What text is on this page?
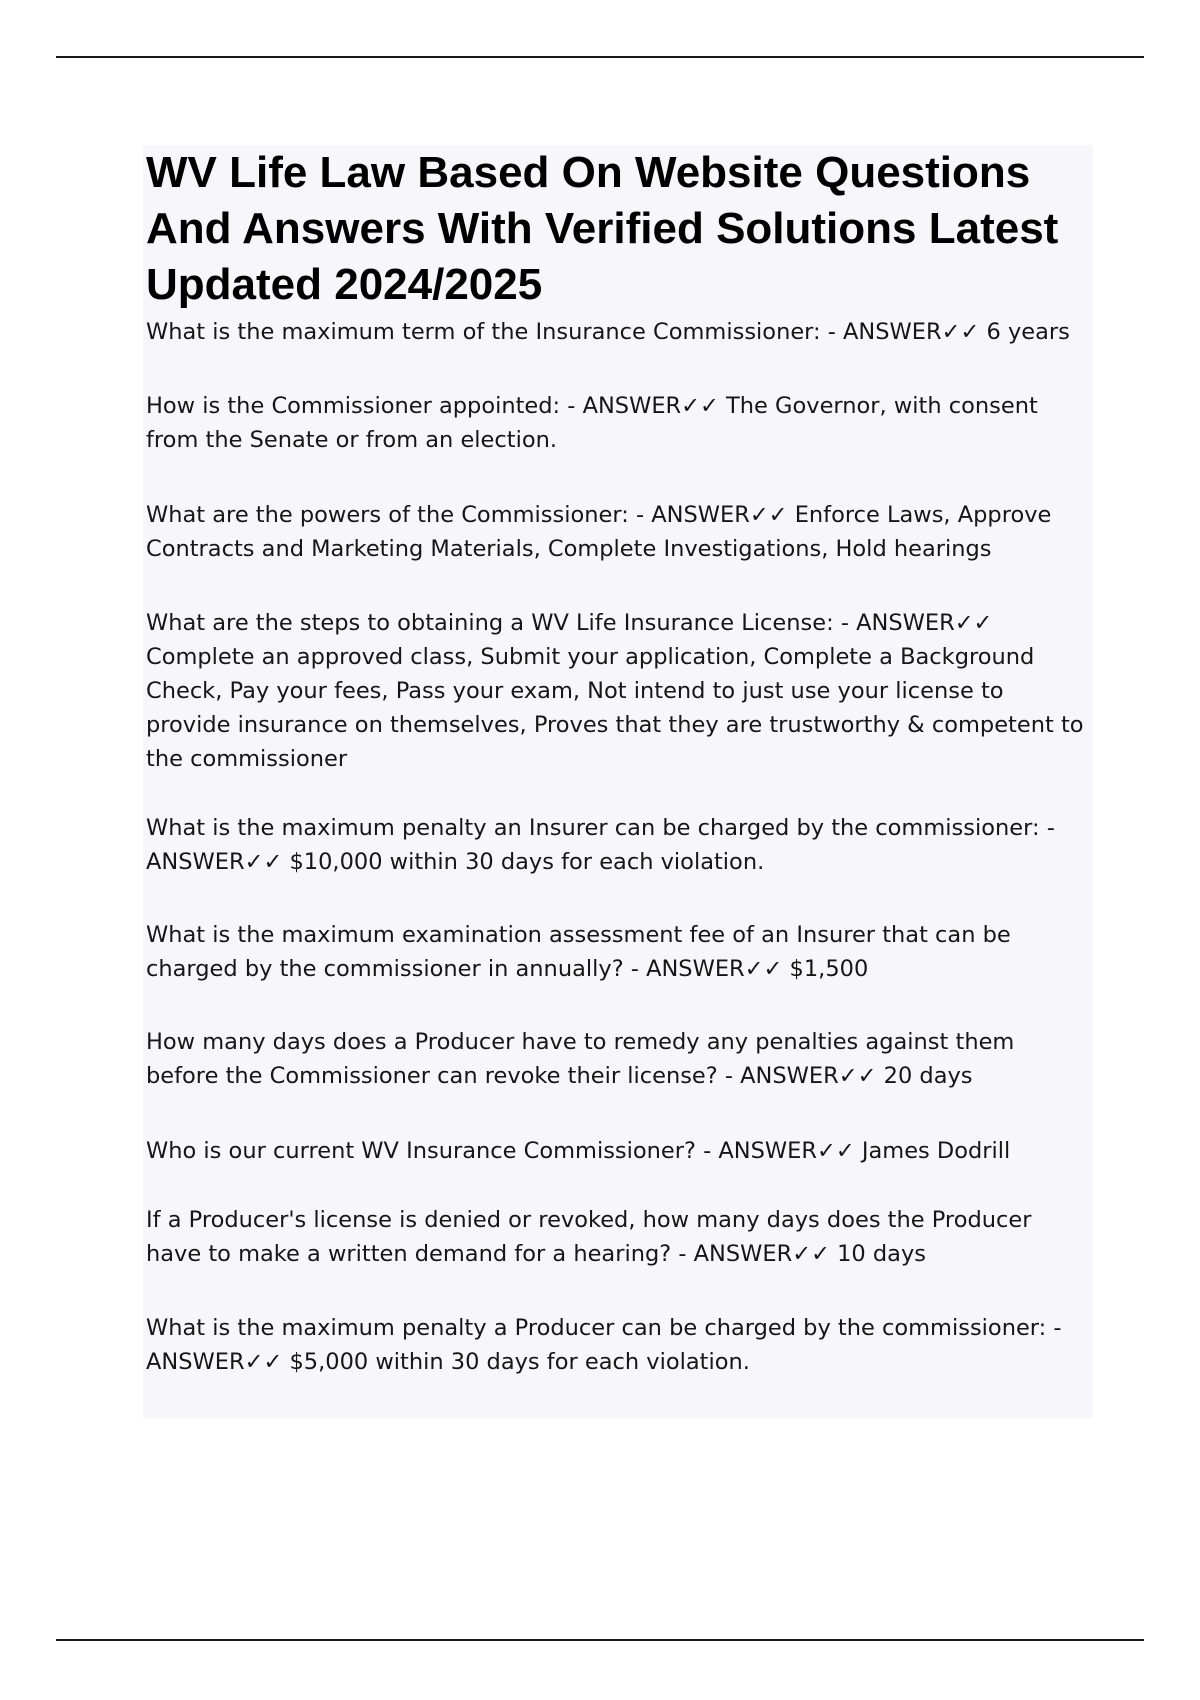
WV Life Law Based On Website Questions And Answers With Verified Solutions Latest Updated 2024/2025

What is the maximum term of the Insurance Commissioner: - ANSWER✓✓ 6 years

How is the Commissioner appointed: - ANSWER✓✓ The Governor, with consent from the Senate or from an election.

What are the powers of the Commissioner: - ANSWER✓✓ Enforce Laws, Approve Contracts and Marketing Materials, Complete Investigations, Hold hearings

What are the steps to obtaining a WV Life Insurance License: - ANSWER✓✓Complete an approved class, Submit your application, Complete a Background Check, Pay your fees, Pass your exam, Not intend to just use your license to provide insurance on themselves, Proves that they are trustworthy & competent to the commissioner

What is the maximum penalty an Insurer can be charged by the commissioner: - ANSWER✓✓ $10,000 within 30 days for each violation.

What is the maximum examination assessment fee of an Insurer that can be charged by the commissioner in annually? - ANSWER✓✓ $1,500

How many days does a Producer have to remedy any penalties against them before the Commissioner can revoke their license? - ANSWER✓✓ 20 days

Who is our current WV Insurance Commissioner? - ANSWER✓✓ James Dodrill

If a Producer's license is denied or revoked, how many days does the Producer have to make a written demand for a hearing? - ANSWER✓✓ 10 days

What is the maximum penalty a Producer can be charged by the commissioner: - ANSWER✓✓ $5,000 within 30 days for each violation.
